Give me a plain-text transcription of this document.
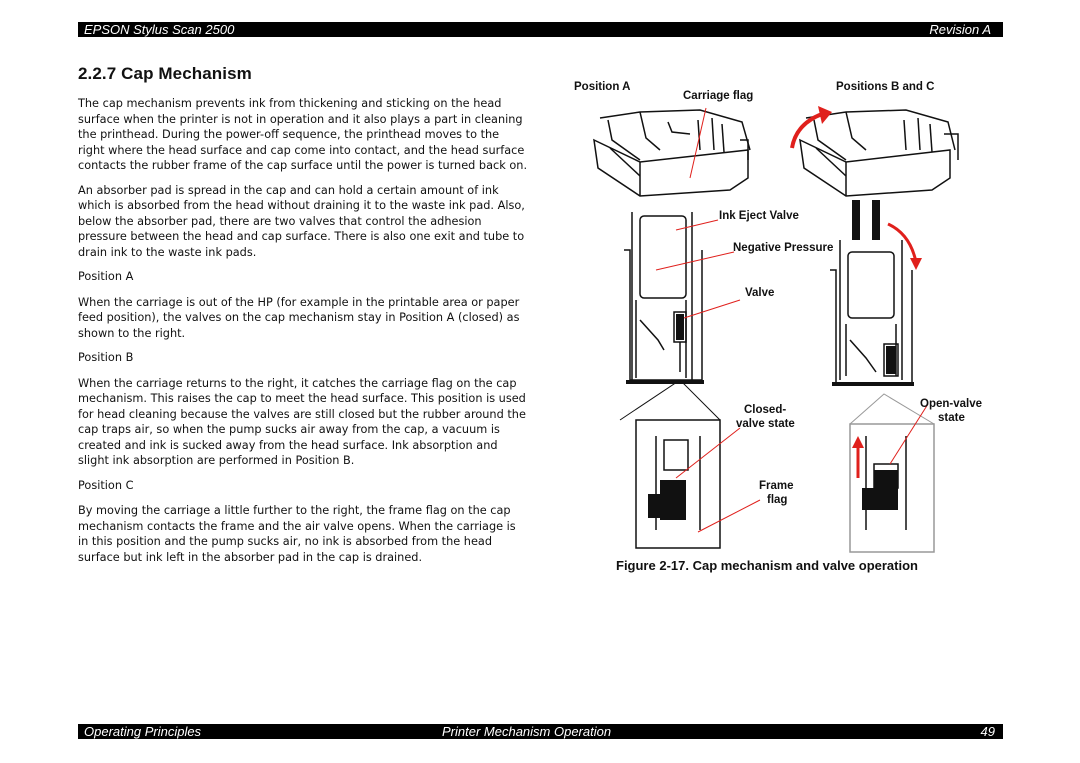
EPSON Stylus Scan 2500	Revision A
2.2.7 Cap Mechanism

The cap mechanism prevents ink from thickening and sticking on the head surface when the printer is not in operation and it also plays a part in cleaning the printhead. During the power-off sequence, the printhead moves to the right where the head surface and cap come into contact, and the head surface contacts the rubber frame of the cap surface until the power is turned back on.

An absorber pad is spread in the cap and can hold a certain amount of ink which is absorbed from the head without draining it to the waste ink pad. Also, below the absorber pad, there are two valves that control the adhesion pressure between the head and cap surface. There is also one exit and tube to drain ink to the waste ink pads.

Position A

When the carriage is out of the HP (for example in the printable area or paper feed position), the valves on the cap mechanism stay in Position A (closed) as shown to the right.

Position B

When the carriage returns to the right, it catches the carriage flag on the cap mechanism. This raises the cap to meet the head surface. This position is used for head cleaning because the valves are still closed but the rubber around the cap traps air, so when the pump sucks air away from the cap, a vacuum is created and ink is sucked away from the head surface. Ink absorption and slight ink absorption are performed in Position B.

Position C

By moving the carriage a little further to the right, the frame flag on the cap mechanism contacts the frame and the air valve opens. When the carriage is in this position and the pump sucks air, no ink is absorbed from the head surface but ink left in the absorber pad in the cap is drained.

Position A
Carriage flag
Positions B and C
Ink Eject Valve
Negative Pressure
Valve
Closed-
valve state
Open-valve
state
Frame
flag
Figure 2-17. Cap mechanism and valve operation
Operating Principles	Printer Mechanism Operation	49
